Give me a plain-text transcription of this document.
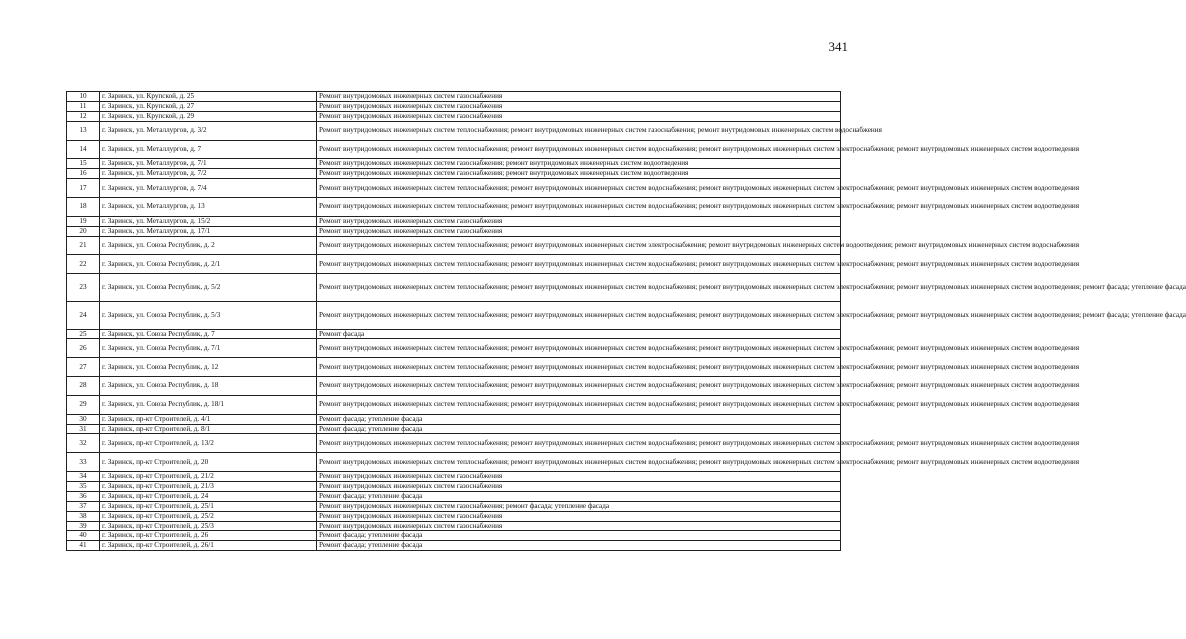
341
10	г. Заринск, ул. Крупской, д. 25	Ремонт внутридомовых инженерных систем газоснабжения
11	г. Заринск, ул. Крупской, д. 27	Ремонт внутридомовых инженерных систем газоснабжения
12	г. Заринск, ул. Крупской, д. 29	Ремонт внутридомовых инженерных систем газоснабжения
13	г. Заринск, ул. Металлургов, д. 3/2	Ремонт внутридомовых инженерных систем теплоснабжения; ремонт внутридомовых инженерных систем газоснабжения; ремонт внутридомовых инженерных систем водоснабжения
14	г. Заринск, ул. Металлургов, д. 7	Ремонт внутридомовых инженерных систем теплоснабжения; ремонт внутридомовых инженерных систем водоснабжения; ремонт внутридомовых инженерных систем электроснабжения; ремонт внутридомовых инженерных систем водоотведения
15	г. Заринск, ул. Металлургов, д. 7/1	Ремонт внутридомовых инженерных систем газоснабжения; ремонт внутридомовых инженерных систем водоотведения
16	г. Заринск, ул. Металлургов, д. 7/2	Ремонт внутридомовых инженерных систем газоснабжения; ремонт внутридомовых инженерных систем водоотведения
17	г. Заринск, ул. Металлургов, д. 7/4	Ремонт внутридомовых инженерных систем теплоснабжения; ремонт внутридомовых инженерных систем водоснабжения; ремонт внутридомовых инженерных систем электроснабжения; ремонт внутридомовых инженерных систем водоотведения
18	г. Заринск, ул. Металлургов, д. 13	Ремонт внутридомовых инженерных систем теплоснабжения; ремонт внутридомовых инженерных систем водоснабжения; ремонт внутридомовых инженерных систем электроснабжения; ремонт внутридомовых инженерных систем водоотведения
19	г. Заринск, ул. Металлургов, д. 15/2	Ремонт внутридомовых инженерных систем газоснабжения
20	г. Заринск, ул. Металлургов, д. 17/1	Ремонт внутридомовых инженерных систем газоснабжения
21	г. Заринск, ул. Союза Республик, д. 2	Ремонт внутридомовых инженерных систем теплоснабжения; ремонт внутридомовых инженерных систем электроснабжения; ремонт внутридомовых инженерных систем водоотведения; ремонт внутридомовых инженерных систем водоснабжения
22	г. Заринск, ул. Союза Республик, д. 2/1	Ремонт внутридомовых инженерных систем теплоснабжения; ремонт внутридомовых инженерных систем водоснабжения; ремонт внутридомовых инженерных систем электроснабжения; ремонт внутридомовых инженерных систем водоотведения
23	г. Заринск, ул. Союза Республик, д. 5/2	Ремонт внутридомовых инженерных систем теплоснабжения; ремонт внутридомовых инженерных систем водоснабжения; ремонт внутридомовых инженерных систем электроснабжения; ремонт внутридомовых инженерных систем водоотведения; ремонт фасада; утепление фасада
24	г. Заринск, ул. Союза Республик, д. 5/3	Ремонт внутридомовых инженерных систем теплоснабжения; ремонт внутридомовых инженерных систем водоснабжения; ремонт внутридомовых инженерных систем электроснабжения; ремонт внутридомовых инженерных систем водоотведения; ремонт фасада; утепление фасада
25	г. Заринск, ул. Союза Республик, д. 7	Ремонт фасада
26	г. Заринск, ул. Союза Республик, д. 7/1	Ремонт внутридомовых инженерных систем теплоснабжения; ремонт внутридомовых инженерных систем водоснабжения; ремонт внутридомовых инженерных систем электроснабжения; ремонт внутридомовых инженерных систем водоотведения
27	г. Заринск, ул. Союза Республик, д. 12	Ремонт внутридомовых инженерных систем теплоснабжения; ремонт внутридомовых инженерных систем водоснабжения; ремонт внутридомовых инженерных систем электроснабжения; ремонт внутридомовых инженерных систем водоотведения
28	г. Заринск, ул. Союза Республик, д. 18	Ремонт внутридомовых инженерных систем теплоснабжения; ремонт внутридомовых инженерных систем водоснабжения; ремонт внутридомовых инженерных систем электроснабжения; ремонт внутридомовых инженерных систем водоотведения
29	г. Заринск, ул. Союза Республик, д. 18/1	Ремонт внутридомовых инженерных систем теплоснабжения; ремонт внутридомовых инженерных систем водоснабжения; ремонт внутридомовых инженерных систем электроснабжения; ремонт внутридомовых инженерных систем водоотведения
30	г. Заринск, пр-кт Строителей, д. 4/1	Ремонт фасада; утепление фасада
31	г. Заринск, пр-кт Строителей, д. 8/1	Ремонт фасада; утепление фасада
32	г. Заринск, пр-кт Строителей, д. 13/2	Ремонт внутридомовых инженерных систем теплоснабжения; ремонт внутридомовых инженерных систем водоснабжения; ремонт внутридомовых инженерных систем электроснабжения; ремонт внутридомовых инженерных систем водоотведения
33	г. Заринск, пр-кт Строителей, д. 20	Ремонт внутридомовых инженерных систем теплоснабжения; ремонт внутридомовых инженерных систем водоснабжения; ремонт внутридомовых инженерных систем электроснабжения; ремонт внутридомовых инженерных систем водоотведения
34	г. Заринск, пр-кт Строителей, д. 21/2	Ремонт внутридомовых инженерных систем газоснабжения
35	г. Заринск, пр-кт Строителей, д. 21/3	Ремонт внутридомовых инженерных систем газоснабжения
36	г. Заринск, пр-кт Строителей, д. 24	Ремонт фасада; утепление фасада
37	г. Заринск, пр-кт Строителей, д. 25/1	Ремонт внутридомовых инженерных систем газоснабжения; ремонт фасада; утепление фасада
38	г. Заринск, пр-кт Строителей, д. 25/2	Ремонт внутридомовых инженерных систем газоснабжения
39	г. Заринск, пр-кт Строителей, д. 25/3	Ремонт внутридомовых инженерных систем газоснабжения
40	г. Заринск, пр-кт Строителей, д. 26	Ремонт фасада; утепление фасада
41	г. Заринск, пр-кт Строителей, д. 26/1	Ремонт фасада; утепление фасада
